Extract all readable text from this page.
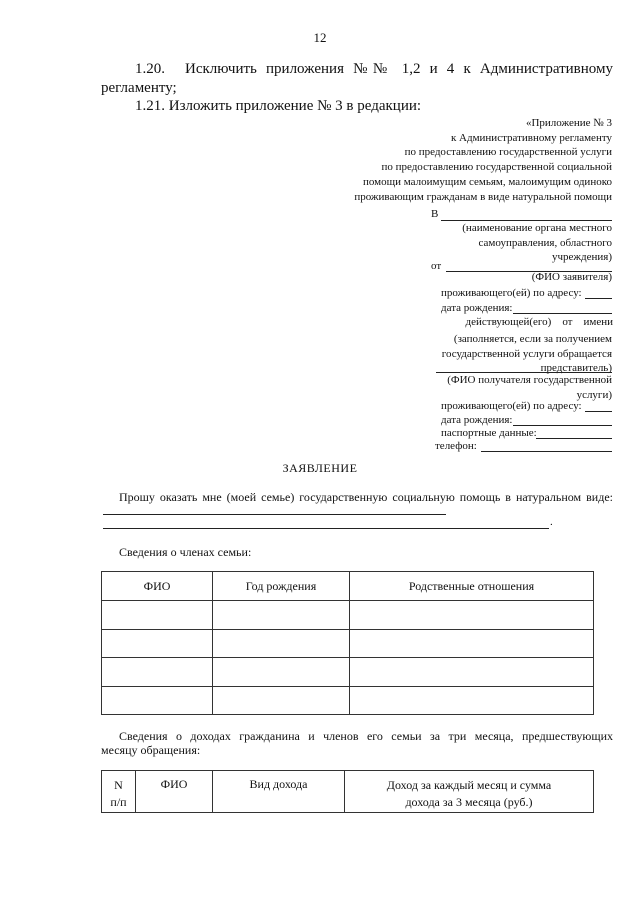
12
1.20. Исключить приложения №№ 1,2 и 4 к Административному
регламенту;
1.21. Изложить приложение № 3 в редакции:
«Приложение № 3
к Административному регламенту
по предоставлению государственной услуги
по предоставлению государственной социальной
помощи малоимущим семьям, малоимущим одиноко
проживающим гражданам в виде натуральной помощи
В
(наименование органа местного
самоуправления, областного
учреждения)
от
(ФИО заявителя)
проживающего(ей) по адресу:
дата рождения:
действующей(его)    от    имени
(заполняется, если за получением
государственной услуги обращается
представитель)
(ФИО получателя государственной
услуги)
проживающего(ей) по адресу:
дата рождения:
паспортные данные:
телефон:
ЗАЯВЛЕНИЕ
Прошу оказать мне (моей семье) государственную социальную помощь в натуральном виде:
.
Сведения о членах семьи:
ФИО	Год рождения	Родственные отношения

Сведения о доходах гражданина и членов его семьи за три месяца, предшествующих
месяцу обращения:
N
п/п
	ФИО	Вид дохода	Доход за каждый месяц и сумма
дохода за 3 месяца (руб.)
